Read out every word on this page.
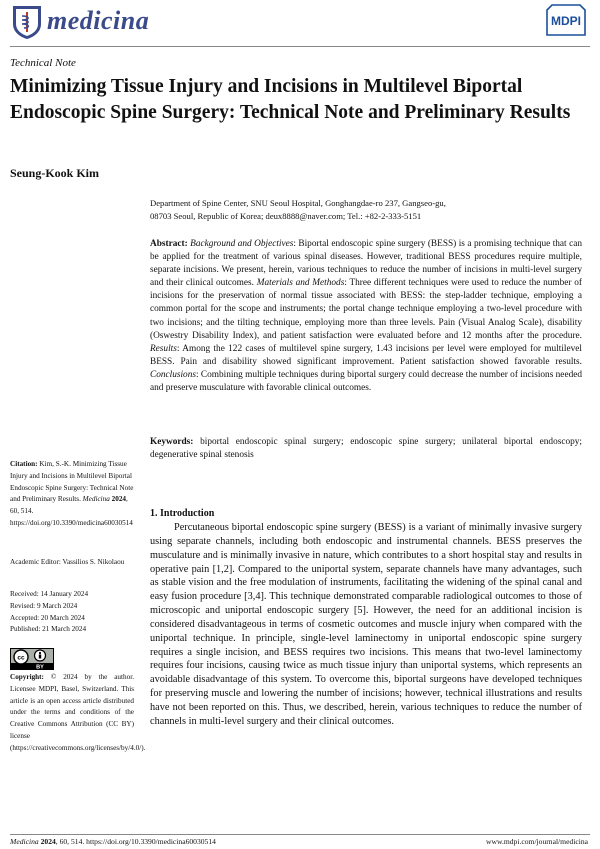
medicina	MDPI
Technical Note
Minimizing Tissue Injury and Incisions in Multilevel Biportal Endoscopic Spine Surgery: Technical Note and Preliminary Results
Seung-Kook Kim
Department of Spine Center, SNU Seoul Hospital, Gonghangdae-ro 237, Gangseo-gu,
08703 Seoul, Republic of Korea; deux8888@naver.com; Tel.: +82-2-333-5151
Abstract: Background and Objectives: Biportal endoscopic spine surgery (BESS) is a promising technique that can be applied for the treatment of various spinal diseases. However, traditional BESS procedures require multiple, separate incisions. We present, herein, various techniques to reduce the number of incisions in multi-level surgery and their clinical outcomes. Materials and Methods: Three different techniques were used to reduce the number of incisions for the preservation of normal tissue associated with BESS: the step-ladder technique, employing a common portal for the scope and instruments; the portal change technique employing a two-level procedure with two incisions; and the tilting technique, employing more than three levels. Pain (Visual Analog Scale), disability (Oswestry Disability Index), and patient satisfaction were evaluated before and 12 months after the procedure. Results: Among the 122 cases of multilevel spine surgery, 1.43 incisions per level were employed for multilevel BESS. Pain and disability showed significant improvement. Patient satisfaction showed favorable results. Conclusions: Combining multiple techniques during biportal surgery could decrease the number of incisions needed and preserve musculature with favorable clinical outcomes.
Keywords: biportal endoscopic spinal surgery; endoscopic spine surgery; unilateral biportal endoscopy; degenerative spinal stenosis
Citation: Kim, S.-K. Minimizing Tissue Injury and Incisions in Multilevel Biportal Endoscopic Spine Surgery: Technical Note and Preliminary Results. Medicina 2024, 60, 514. https://doi.org/10.3390/medicina60030514
Academic Editor: Vassilios S. Nikolaou
Received: 14 January 2024
Revised: 9 March 2024
Accepted: 20 March 2024
Published: 21 March 2024
cc
BY
Copyright: © 2024 by the author. Licensee MDPI, Basel, Switzerland. This article is an open access article distributed under the terms and conditions of the Creative Commons Attribution (CC BY) license (https://creativecommons.org/licenses/by/4.0/).
1. Introduction
Percutaneous biportal endoscopic spine surgery (BESS) is a variant of minimally invasive surgery using separate channels, including both endoscopic and instrumental channels. BESS preserves the musculature and is minimally invasive in nature, which contributes to a short hospital stay and results in operative pain [1,2]. Compared to the uniportal system, separate channels have many advantages, such as stable vision and the free modulation of instruments, facilitating the widening of the spinal canal and easy fusion procedure [3,4]. This technique demonstrated comparable radiological outcomes to those of microscopic and uniportal endoscopic surgery [5]. However, the need for an additional incision is considered disadvantageous in terms of cosmetic outcomes and muscle injury when compared with the uniportal technique. In principle, single-level laminectomy in uniportal endoscopic spine surgery requires a single incision, and BESS requires two incisions. This means that two-level laminectomy requires four incisions, causing twice as much tissue injury than uniportal systems, which represents an avoidable disadvantage of this system. To overcome this, biportal surgeons have developed techniques for preserving muscle and lowering the number of incisions; however, technical illustrations and results have not been reported on this. Thus, we described, herein, various techniques to reduce the number of channels in multi-level surgery and their clinical outcomes.
Medicina 2024, 60, 514. https://doi.org/10.3390/medicina60030514	www.mdpi.com/journal/medicina
